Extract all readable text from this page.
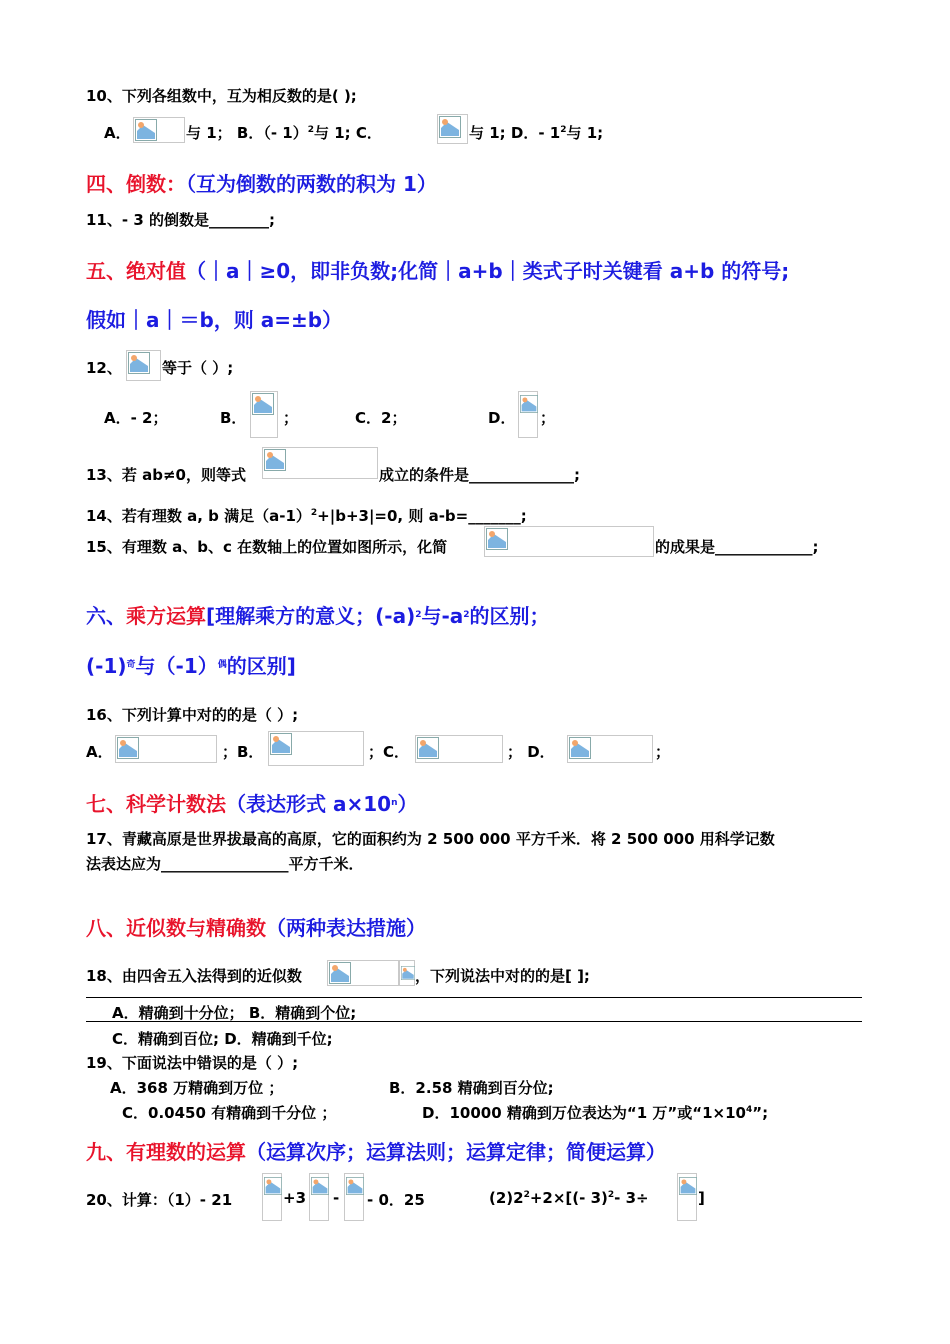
10、下列各组数中，互为相反数的是( );
A．	与 1； B．（- 1）$^2$与 1; C．	与 1; D．- $1^2$与 1;
四、倒数：（互为倒数的两数的积为 1）
11、- 3 的倒数是________;
五、绝对值（｜a｜≥0，即非负数;化简｜a+b｜类式子时关键看 a+b 的符号;
假如｜a｜＝b，则 a=±b）
12、	等于（ ）;
A．- 2；	B． ；	C．2；	D． ；
13、若 ab≠0，则等式	成立的条件是______________;
14、若有理数 a, b 满足$(a-1)^2+|b+3|=0$, 则 a-b=_______;
15、有理数 a、b、c 在数轴上的位置如图所示，化简	的成果是_____________;
六、乘方运算[理解乘方的意义；$(-a)^2$与$-a^2$的区别；
$(-1)^奇$与$(-1)^偶$的区别]
16、下列计算中对的的是（ ）;
A．	；B．	；C．	； D．	；
七、科学计数法（表达形式 $a\times 10^n$）
17、青藏高原是世界拔最高的高原，它的面积约为 2 500 000 平方千米．将 2 500 000 用科学记数
法表达应为_________________平方千米．
八、近似数与精确数（两种表达措施）
18、由四舍五入法得到的近似数	，下列说法中对的的是[ ];
A．精确到十分位； B．精确到个位;
C．精确到百位; D．精确到千位;
19、下面说法中错误的是（ ）;
A．368 万精确到万位 ；	B．2.58 精确到百分位;
C．0.0450 有精确到千分位 ；	D．10000 精确到万位表达为“1 万”或“$1\times 10^4$”;
九、有理数的运算（运算次序；运算法则；运算定律；简便运算）
20、计算：（1）- 21	+3 - - 0．25	$(2)2^2+2\times[(-$ 3)$^2$- 3÷	]
